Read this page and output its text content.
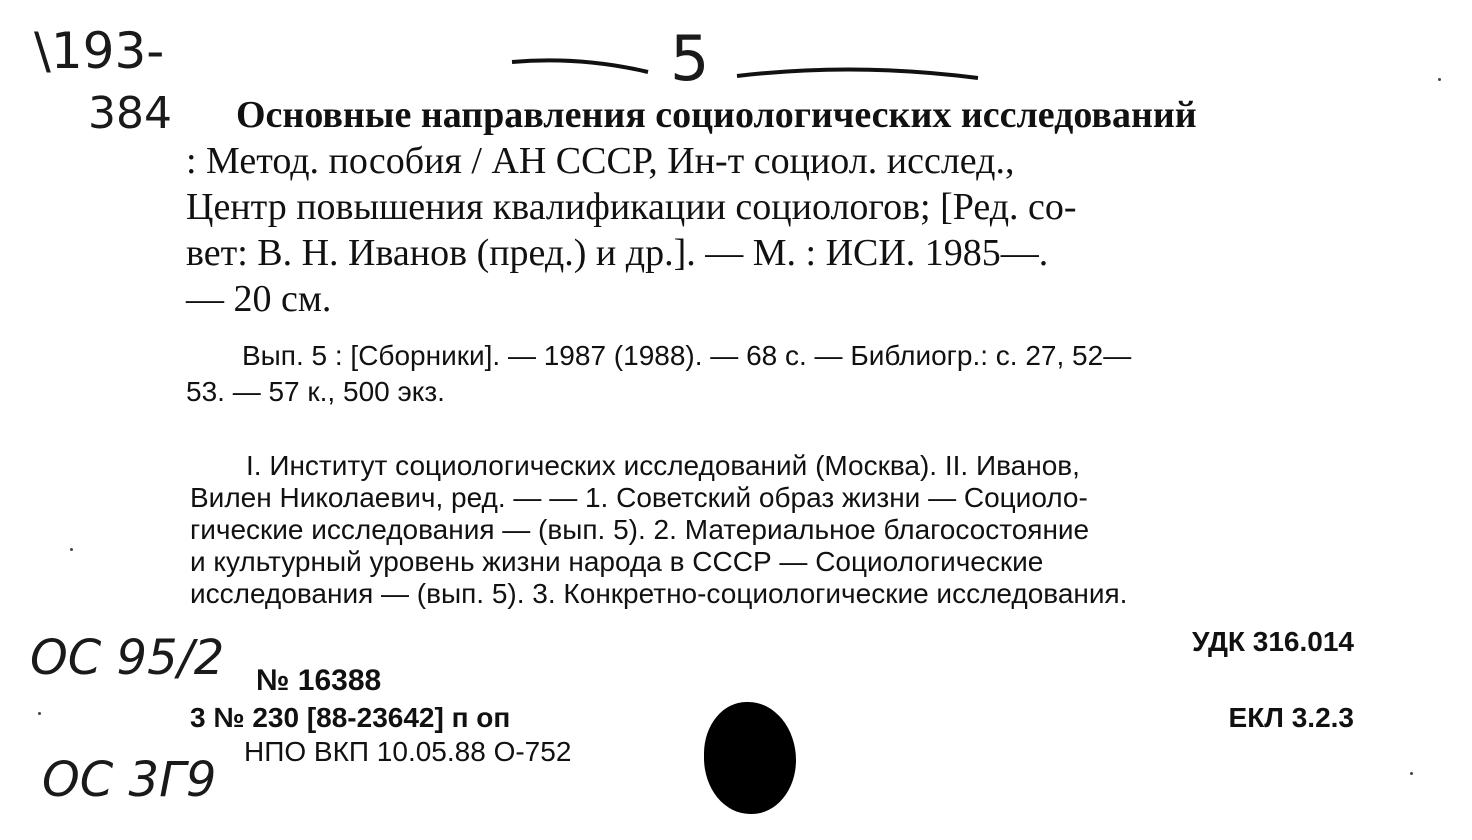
\193-
384
5
Основные направления социологических исследований
: Метод. пособия / АН СССР, Ин-т социол. исслед.,
Центр повышения квалификации социологов; [Ред. со-
вет: В. Н. Иванов (пред.) и др.]. — М. : ИСИ. 1985—.
— 20 см.
Вып. 5 : [Сборники]. — 1987 (1988). — 68 с. — Библиогр.: с. 27, 52—
53. — 57 к., 500 экз.
I. Институт социологических исследований (Москва). II. Иванов,
Вилен Николаевич, ред. — — 1. Советский образ жизни — Социоло-
гические исследования — (вып. 5). 2. Материальное благосостояние
и культурный уровень жизни народа в СССР — Социологические
исследования — (вып. 5). 3. Конкретно-социологические исследования.
УДК 316.014
OC 95/2 № 16388
3 № 230 [88-23642] п оп
OC 3Г9
НПО ВКП 10.05.88 О-752
ЕКЛ 3.2.3
